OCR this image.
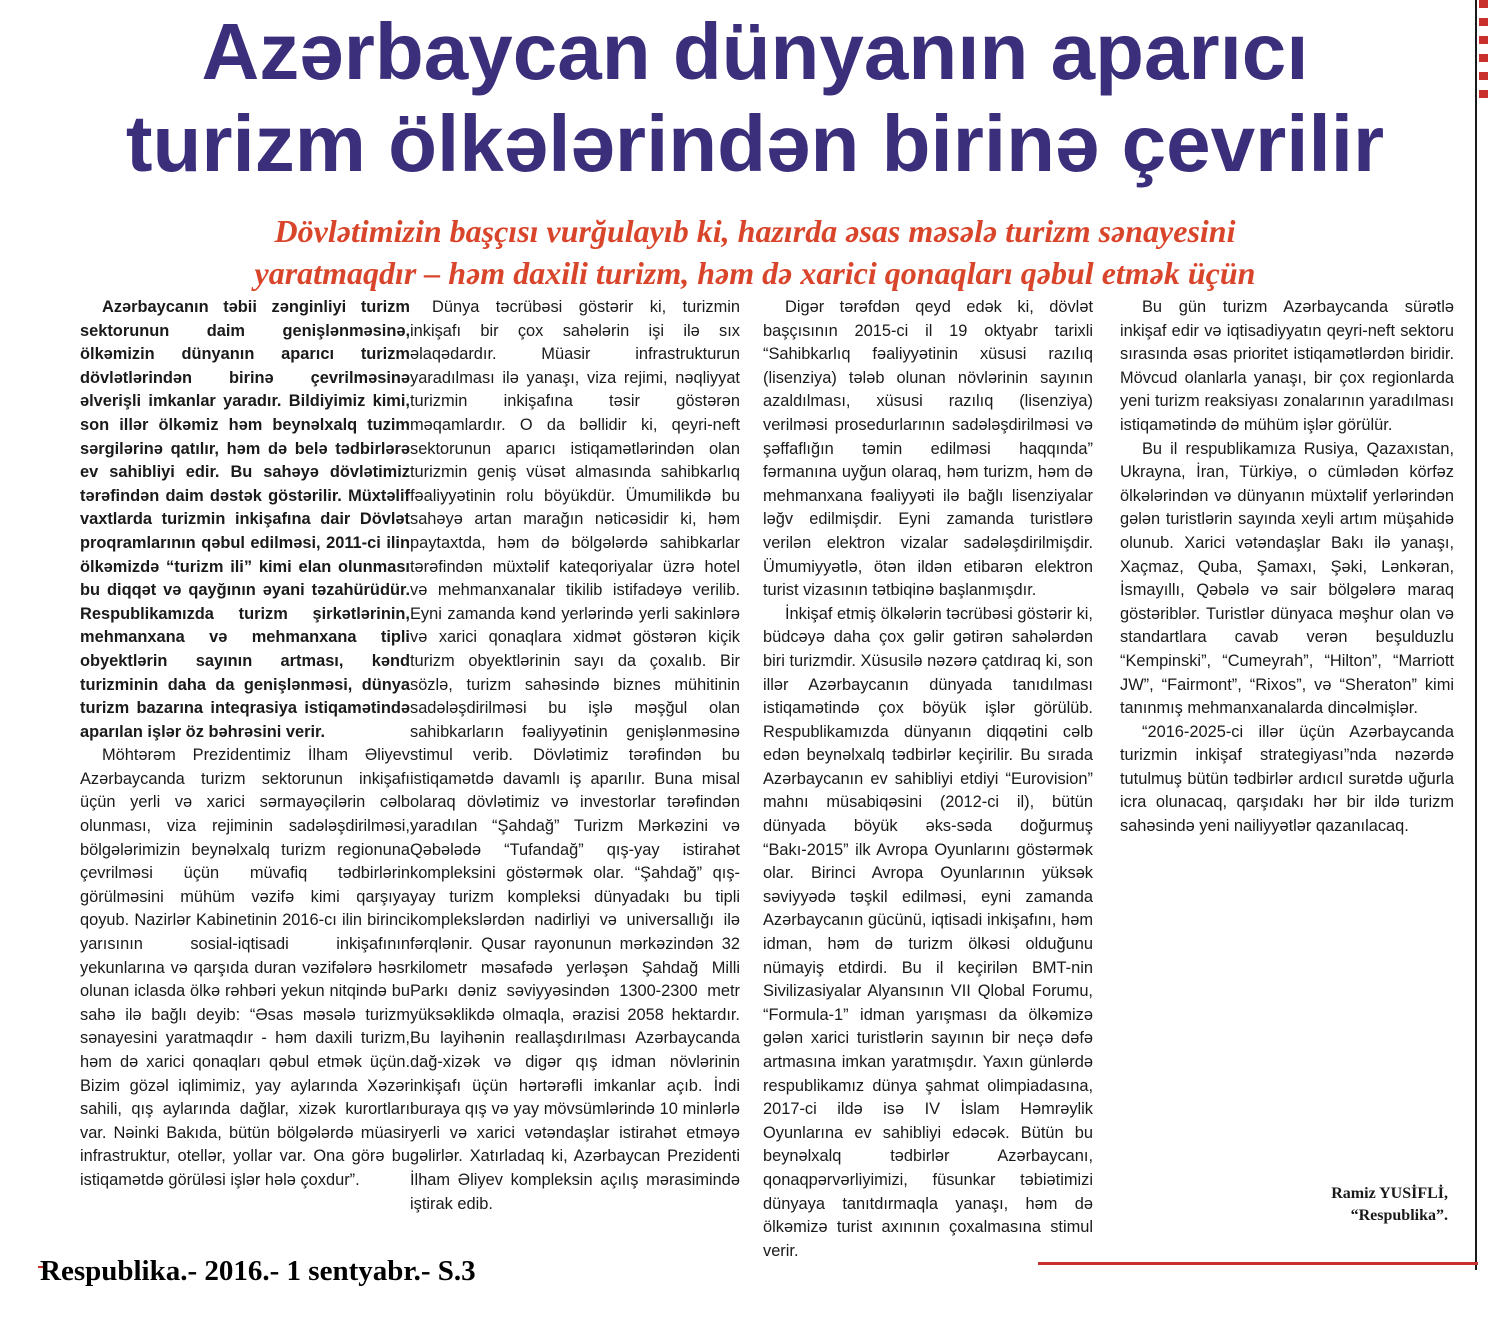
Azərbaycan dünyanın aparıcı
turizm ölkələrindən birinə çevrilir
Dövlətimizin başçısı vurğulayıb ki, hazırda əsas məsələ turizm sənayesini
yaratmaqdır – həm daxili turizm, həm də xarici qonaqları qəbul etmək üçün

Azərbaycanın təbii zənginliyi turizm sektorunun daim genişlənməsinə, ölkəmizin dünyanın aparıcı turizm dövlətlərindən birinə çevrilməsinə əlverişli imkanlar yaradır. Bildiyimiz kimi, son illər ölkəmiz həm beynəlxalq tuzim sərgilərinə qatılır, həm də belə tədbirlərə ev sahibliyi edir. Bu sahəyə dövlətimiz tərəfindən daim dəstək göstərilir. Müxtəlif vaxtlarda turizmin inkişafına dair Dövlət proqramlarının qəbul edilməsi, 2011-ci ilin ölkəmizdə “turizm ili” kimi elan olunması bu diqqət və qayğının əyani təzahürüdür. Respublikamızda turizm şirkətlərinin, mehmanxana və mehmanxana tipli obyektlərin sayının artması, kənd turizminin daha da genişlənməsi, dünya turizm bazarına inteqrasiya istiqamətində aparılan işlər öz bəhrəsini verir.

Möhtərəm Prezidentimiz İlham Əliyev Azərbaycanda turizm sektorunun inkişafı üçün yerli və xarici sərmayəçilərin cəlb olunması, viza rejiminin sadələşdirilməsi, bölgələrimizin beynəlxalq turizm regionuna çevrilməsi üçün müvafiq tədbirlərin görülməsini mühüm vəzifə kimi qarşıya qoyub. Nazirlər Kabinetinin 2016-cı ilin birinci yarısının sosial-iqtisadi inkişafının yekunlarına və qarşıda duran vəzifələrə həsr olunan iclasda ölkə rəhbəri yekun nitqində bu sahə ilə bağlı deyib: “Əsas məsələ turizm sənayesini yaratmaqdır - həm daxili turizm, həm də xarici qonaqları qəbul etmək üçün. Bizim gözəl iqlimimiz, yay aylarında Xəzər sahili, qış aylarında dağlar, xizək kurortları var. Nəinki Bakıda, bütün bölgələrdə müasir infrastruktur, otellər, yollar var. Ona görə bu istiqamətdə görüləsi işlər hələ çoxdur”.

Dünya təcrübəsi göstərir ki, turizmin inkişafı bir çox sahələrin işi ilə sıx əlaqədardır. Müasir infrastrukturun yaradılması ilə yanaşı, viza rejimi, nəqliyyat turizmin inkişafına təsir göstərən məqamlardır. O da bəllidir ki, qeyri-neft sektorunun aparıcı istiqamətlərindən olan turizmin geniş vüsət almasında sahibkarlıq fəaliyyətinin rolu böyükdür. Ümumilikdə bu sahəyə artan marağın nəticəsidir ki, həm paytaxtda, həm də bölgələrdə sahibkarlar tərəfindən müxtəlif kateqoriyalar üzrə hotel və mehmanxanalar tikilib istifadəyə verilib. Eyni zamanda kənd yerlərində yerli sakinlərə və xarici qonaqlara xidmət göstərən kiçik turizm obyektlərinin sayı da çoxalıb. Bir sözlə, turizm sahəsində biznes mühitinin sadələşdirilməsi bu işlə məşğul olan sahibkarların fəaliyyətinin genişlənməsinə stimul verib. Dövlətimiz tərəfindən bu istiqamətdə davamlı iş aparılır. Buna misal olaraq dövlətimiz və investorlar tərəfindən yaradılan “Şahdağ” Turizm Mərkəzini və Qəbələdə “Tufandağ” qış-yay istirahət kompleksini göstərmək olar. “Şahdağ” qış-yay turizm kompleksi dünyadakı bu tipli komplekslərdən nadirliyi və universallığı ilə fərqlənir. Qusar rayonunun mərkəzindən 32 kilometr məsafədə yerləşən Şahdağ Milli Parkı dəniz səviyyəsindən 1300-2300 metr yüksəklikdə olmaqla, ərazisi 2058 hektardır. Bu layihənin reallaşdırılması Azərbaycanda dağ-xizək və digər qış idman növlərinin inkişafı üçün hərtərəfli imkanlar açıb. İndi buraya qış və yay mövsümlərində 10 minlərlə yerli və xarici vətəndaşlar istirahət etməyə gəlirlər. Xatırladaq ki, Azərbaycan Prezidenti İlham Əliyev kompleksin açılış mərasimində iştirak edib.

Digər tərəfdən qeyd edək ki, dövlət başçısının 2015-ci il 19 oktyabr tarixli “Sahibkarlıq fəaliyyətinin xüsusi razılıq (lisenziya) tələb olunan növlərinin sayının azaldılması, xüsusi razılıq (lisenziya) verilməsi prosedurlarının sadələşdirilməsi və şəffaflığın təmin edilməsi haqqında” fərmanına uyğun olaraq, həm turizm, həm də mehmanxana fəaliyyəti ilə bağlı lisenziyalar ləğv edilmişdir. Eyni zamanda turistlərə verilən elektron vizalar sadələşdirilmişdir. Ümumiyyətlə, ötən ildən etibarən elektron turist vizasının tətbiqinə başlanmışdır.

İnkişaf etmiş ölkələrin təcrübəsi göstərir ki, büdcəyə daha çox gəlir gətirən sahələrdən biri turizmdir. Xüsusilə nəzərə çatdıraq ki, son illər Azərbaycanın dünyada tanıdılması istiqamətində çox böyük işlər görülüb. Respublikamızda dünyanın diqqətini cəlb edən beynəlxalq tədbirlər keçirilir. Bu sırada Azərbaycanın ev sahibliyi etdiyi “Eurovision” mahnı müsabiqəsini (2012-ci il), bütün dünyada böyük əks-səda doğurmuş “Bakı-2015” ilk Avropa Oyunlarını göstərmək olar. Birinci Avropa Oyunlarının yüksək səviyyədə təşkil edilməsi, eyni zamanda Azərbaycanın gücünü, iqtisadi inkişafını, həm idman, həm də turizm ölkəsi olduğunu nümayiş etdirdi. Bu il keçirilən BMT-nin Sivilizasiyalar Alyansının VII Qlobal Forumu, “Formula-1” idman yarışması da ölkəmizə gələn xarici turistlərin sayının bir neçə dəfə artmasına imkan yaratmışdır. Yaxın günlərdə respublikamız dünya şahmat olimpiadasına, 2017-ci ildə isə IV İslam Həmrəylik Oyunlarına ev sahibliyi edəcək. Bütün bu beynəlxalq tədbirlər Azərbaycanı, qonaqpərvərliyimizi, füsunkar təbiətimizi dünyaya tanıtdırmaqla yanaşı, həm də ölkəmizə turist axınının çoxalmasına stimul verir.

Bu gün turizm Azərbaycanda sürətlə inkişaf edir və iqtisadiyyatın qeyri-neft sektoru sırasında əsas prioritet istiqamətlərdən biridir. Mövcud olanlarla yanaşı, bir çox regionlarda yeni turizm reaksiyası zonalarının yaradılması istiqamətində də mühüm işlər görülür.

Bu il respublikamıza Rusiya, Qazaxıstan, Ukrayna, İran, Türkiyə, o cümlədən körfəz ölkələrindən və dünyanın müxtəlif yerlərindən gələn turistlərin sayında xeyli artım müşahidə olunub. Xarici vətəndaşlar Bakı ilə yanaşı, Xaçmaz, Quba, Şamaxı, Şəki, Lənkəran, İsmayıllı, Qəbələ və sair bölgələrə maraq göstəriblər. Turistlər dünyaca məşhur olan və standartlara cavab verən beşulduzlu “Kempinski”, “Cumeyrah”, “Hilton”, “Marriott JW”, “Fairmont”, “Rixos”, və “Sheraton” kimi tanınmış mehmanxanalarda dincəlmişlər.

“2016-2025-ci illər üçün Azərbaycanda turizmin inkişaf strategiyası”nda nəzərdə tutulmuş bütün tədbirlər ardıcıl surətdə uğurla icra olunacaq, qarşıdakı hər bir ildə turizm sahəsində yeni nailiyyətlər qazanılacaq.

Ramiz YUSİFLİ,
“Respublika”.

Respublika.- 2016.- 1 sentyabr.- S.3
